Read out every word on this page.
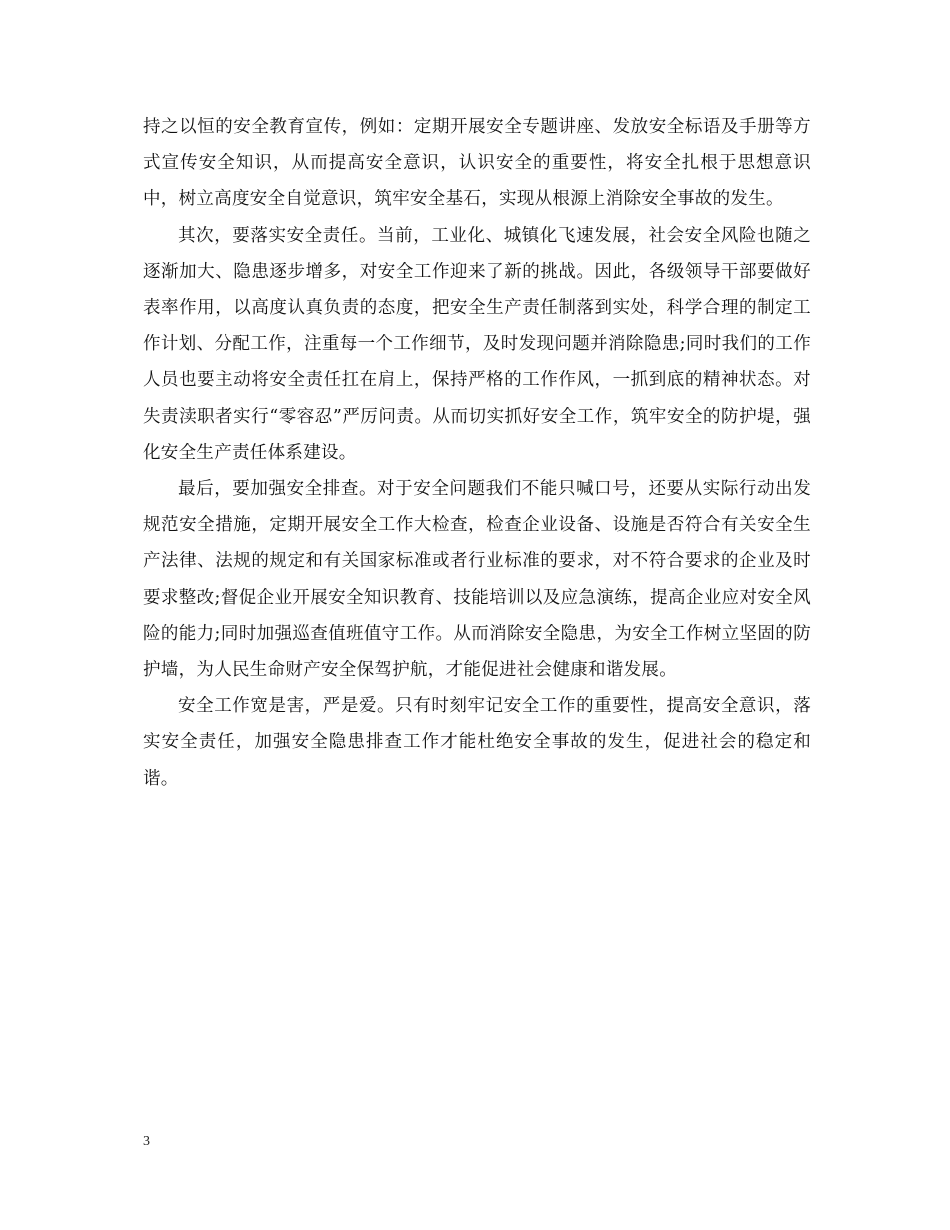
持之以恒的安全教育宣传，例如：定期开展安全专题讲座、发放安全标语及手册等方式宣传安全知识，从而提高安全意识，认识安全的重要性，将安全扎根于思想意识中，树立高度安全自觉意识，筑牢安全基石，实现从根源上消除安全事故的发生。

其次，要落实安全责任。当前，工业化、城镇化飞速发展，社会安全风险也随之逐渐加大、隐患逐步增多，对安全工作迎来了新的挑战。因此，各级领导干部要做好表率作用，以高度认真负责的态度，把安全生产责任制落到实处，科学合理的制定工作计划、分配工作，注重每一个工作细节，及时发现问题并消除隐患;同时我们的工作人员也要主动将安全责任扛在肩上，保持严格的工作作风，一抓到底的精神状态。对失责渎职者实行“零容忍”严厉问责。从而切实抓好安全工作，筑牢安全的防护堤，强化安全生产责任体系建设。

最后，要加强安全排查。对于安全问题我们不能只喊口号，还要从实际行动出发规范安全措施，定期开展安全工作大检查，检查企业设备、设施是否符合有关安全生产法律、法规的规定和有关国家标准或者行业标准的要求，对不符合要求的企业及时要求整改;督促企业开展安全知识教育、技能培训以及应急演练，提高企业应对安全风险的能力;同时加强巡查值班值守工作。从而消除安全隐患，为安全工作树立坚固的防护墙，为人民生命财产安全保驾护航，才能促进社会健康和谐发展。

安全工作宽是害，严是爱。只有时刻牢记安全工作的重要性，提高安全意识，落实安全责任，加强安全隐患排查工作才能杜绝安全事故的发生，促进社会的稳定和谐。

3
